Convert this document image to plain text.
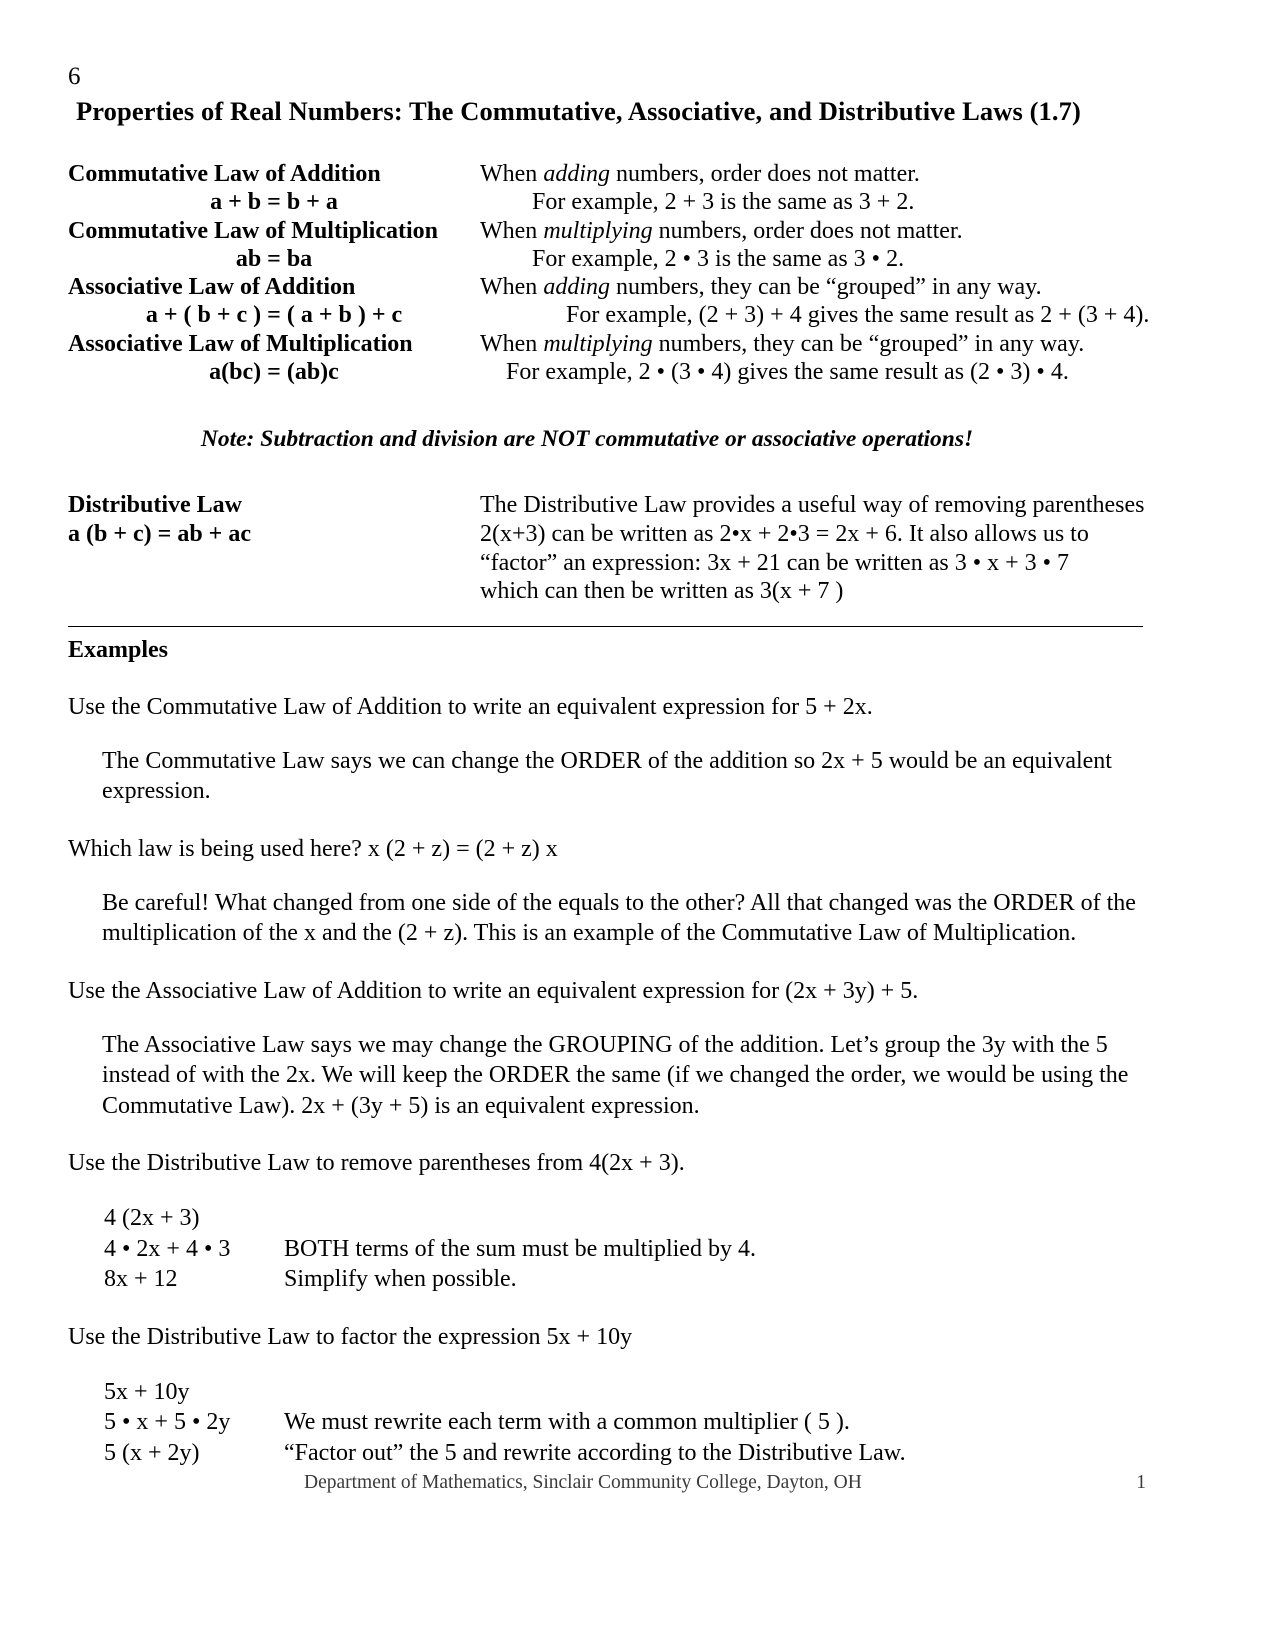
6
Properties of Real Numbers: The Commutative, Associative, and Distributive Laws (1.7)
Commutative Law of Addition	When adding numbers, order does not matter.
a + b = b + a	For example, 2 + 3 is the same as 3 + 2.
Commutative Law of Multiplication	When multiplying numbers, order does not matter.
ab = ba	For example, 2 • 3 is the same as 3 • 2.
Associative Law of Addition	When adding numbers, they can be “grouped” in any way.
a + ( b + c ) = ( a + b ) + c	For example, (2 + 3) + 4 gives the same result as 2 + (3 + 4).
Associative Law of Multiplication	When multiplying numbers, they can be “grouped” in any way.
a(bc) = (ab)c	For example, 2 • (3 • 4) gives the same result as (2 • 3) • 4.
Note: Subtraction and division are NOT commutative or associative operations!
Distributive Law	The Distributive Law provides a useful way of removing parentheses
a (b + c) = ab + ac	2(x+3) can be written as 2•x + 2•3 = 2x + 6. It also allows us to
“factor” an expression: 3x + 21 can be written as 3 • x + 3 • 7
which can then be written as 3(x + 7 )
Examples
Use the Commutative Law of Addition to write an equivalent expression for 5 + 2x.
The Commutative Law says we can change the ORDER of the addition so 2x + 5 would be an equivalent expression.
Which law is being used here? x (2 + z) = (2 + z) x
Be careful! What changed from one side of the equals to the other? All that changed was the ORDER of the multiplication of the x and the (2 + z). This is an example of the Commutative Law of Multiplication.
Use the Associative Law of Addition to write an equivalent expression for (2x + 3y) + 5.
The Associative Law says we may change the GROUPING of the addition. Let’s group the 3y with the 5 instead of with the 2x. We will keep the ORDER the same (if we changed the order, we would be using the Commutative Law). 2x + (3y + 5) is an equivalent expression.
Use the Distributive Law to remove parentheses from 4(2x + 3).
4 (2x + 3)
4 • 2x + 4 • 3	BOTH terms of the sum must be multiplied by 4.
8x + 12	Simplify when possible.
Use the Distributive Law to factor the expression 5x + 10y
5x + 10y
5 • x + 5 • 2y	We must rewrite each term with a common multiplier ( 5 ).
5 (x + 2y)	“Factor out” the 5 and rewrite according to the Distributive Law.
Department of Mathematics, Sinclair Community College, Dayton, OH	1
